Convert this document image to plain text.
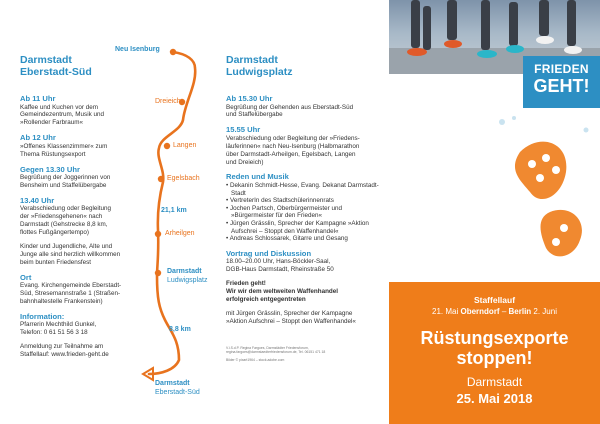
Darmstadt
Eberstadt-Süd
Ab 11 Uhr
Kaffee und Kuchen vor dem
Gemeindezentrum, Musik und
»Rollender Farbraum«
Ab 12 Uhr
»Offenes Klassenzimmer« zum
Thema Rüstungsexport
Gegen 13.30 Uhr
Begrüßung der Joggerinnen von
Bensheim und Staffelübergabe
13.40 Uhr
Verabschiedung oder Begleitung
der »Friedensgehenen« nach
Darmstadt (Gehstrecke 8,8 km,
flottes Fußgängertempo)
Kinder und Jugendliche, Alte und
Junge alle sind herzlich willkommen
beim bunten Friedensfest
Ort
Evang. Kirchengemeinde Eberstadt-
Süd, Stresemannstraße 1 (Straßen-
bahnhaltestelle Frankenstein)
Information:
Pfarrerin Mechthild Gunkel,
Telefon: 0 61 51 56 3 18
Anmeldung zur Teilnahme am
Staffellauf: www.frieden-geht.de
Neu Isenburg
Dreieich
Langen
Egelsbach
21,1 km
Arheilgen
Darmstadt
Ludwigsplatz
8,8 km
Darmstadt
Eberstadt-Süd
Darmstadt
Ludwigsplatz
Ab 15.30 Uhr
Begrüßung der Gehenden aus Eberstadt-Süd
und Staffelübergabe
15.55 Uhr
Verabschiedung oder Begleitung der »Friedens-
läuferinnen« nach Neu-Isenburg (Halbmarathon
über Darmstadt-Arheilgen, Egelsbach, Langen
und Dreieich)
Reden und Musik
• Dekanin Schmidt-Hesse, Evang. Dekanat Darmstadt-Stadt
• VertreterIn des Stadtschülerinnenrats
• Jochen Partsch, Oberbürgermeister und »Bürgermeister für den Frieden«
• Jürgen Grässlin, Sprecher der Kampagne »Aktion Aufschrei – Stoppt den Waffenhandel«
• Andreas Schlossarek, Gitarre und Gesang
Vortrag und Diskussion
18.00–20.00 Uhr, Hans-Böckler-Saal,
DGB-Haus Darmstadt, Rheinstraße 50
Frieden geht!
Wir wir dem weltweiten Waffenhandel
erfolgreich entgegentreten
mit Jürgen Grässlin, Sprecher der Kampagne
»Aktion Aufschrei – Stoppt den Waffenhandel«
V.i.S.d.P. Regina Fargoes, Darmstädter Friedensforum,
regina.fargoes@darmstaedterfriedensforum.de, Tel. 06151 471 18
Bilder © pixart1964 – stock.adobe.com
FRIEDEN
GEHT!
Staffellauf
21. Mai Oberndorf – Berlin 2. Juni
Rüstungsexporte
stoppen!
Darmstadt
25. Mai 2018
